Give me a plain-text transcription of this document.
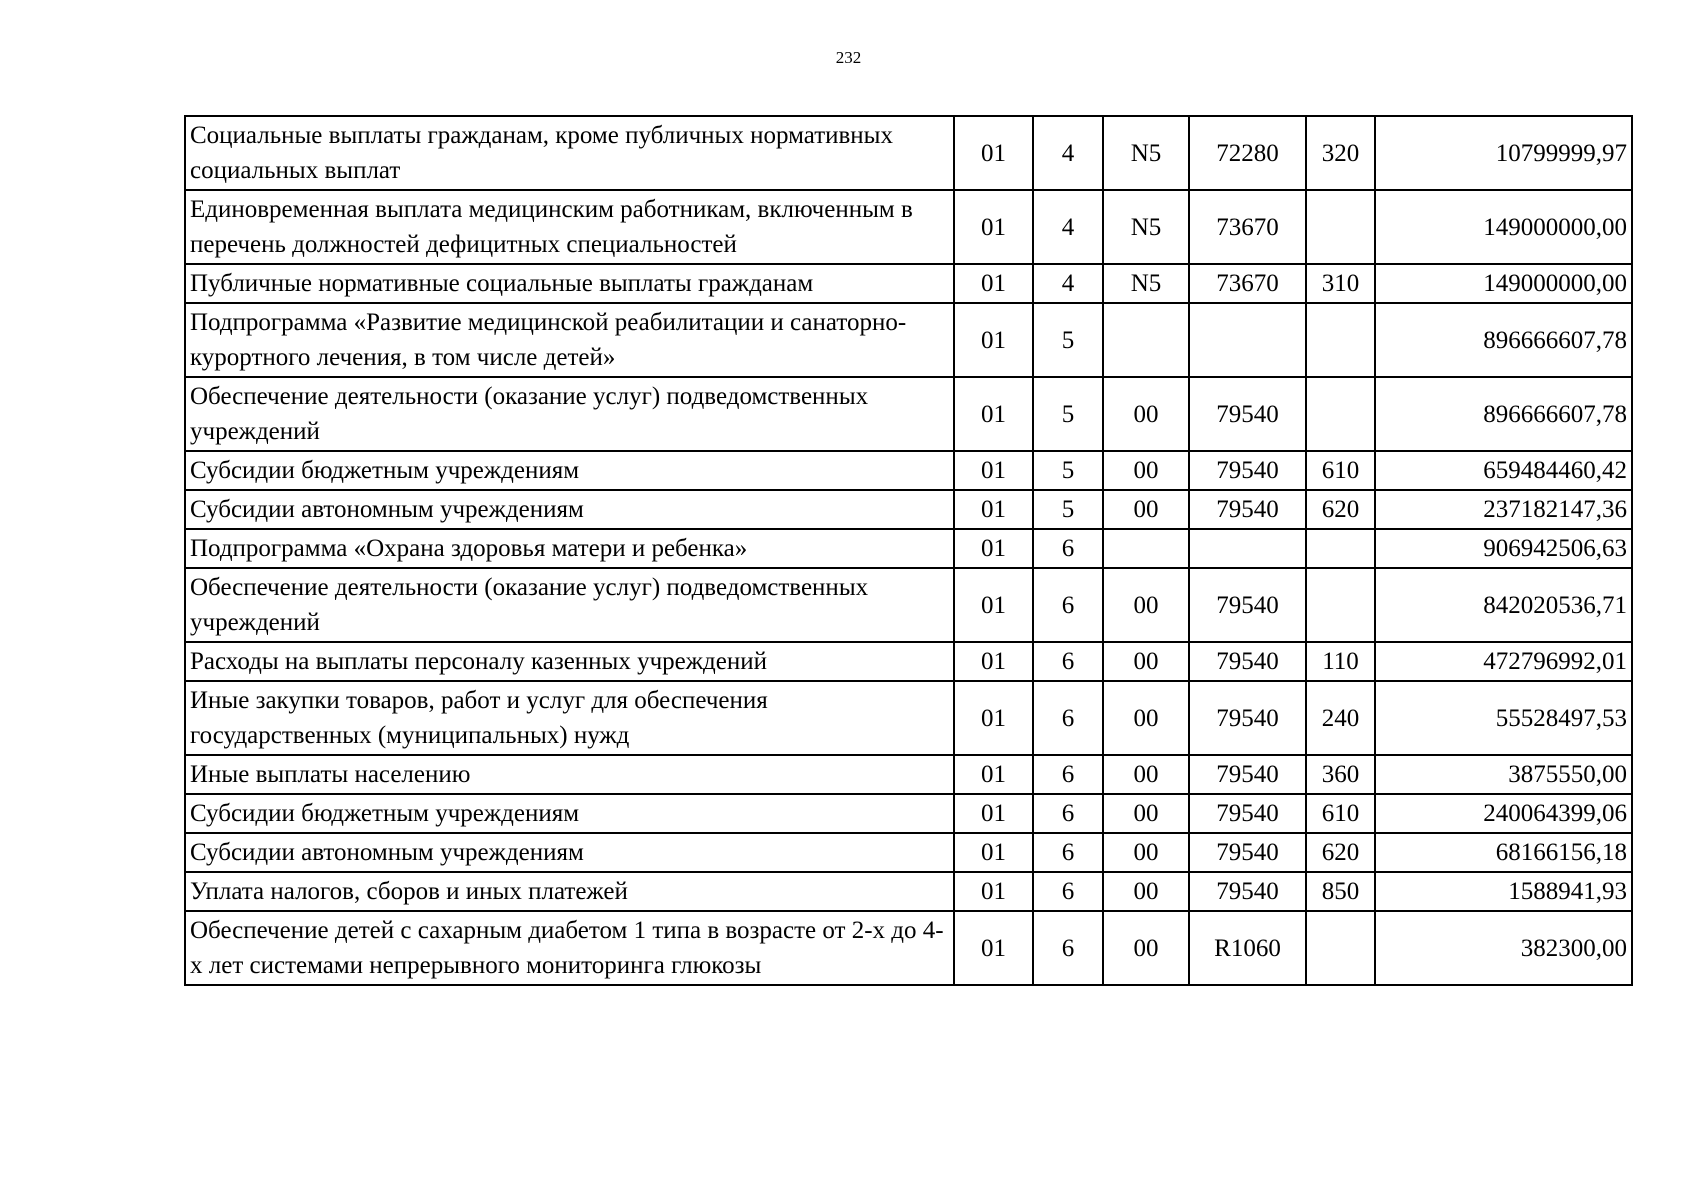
232
Социальные выплаты гражданам, кроме публичных нормативных социальных выплат	01	4	N5	72280	320	10799999,97
Единовременная выплата медицинским работникам, включенным в перечень должностей дефицитных специальностей	01	4	N5	73670		149000000,00
Публичные нормативные социальные выплаты гражданам	01	4	N5	73670	310	149000000,00
Подпрограмма «Развитие медицинской реабилитации и санаторно-курортного лечения, в том числе детей»	01	5				896666607,78
Обеспечение деятельности (оказание услуг) подведомственных учреждений	01	5	00	79540		896666607,78
Субсидии бюджетным учреждениям	01	5	00	79540	610	659484460,42
Субсидии автономным учреждениям	01	5	00	79540	620	237182147,36
Подпрограмма «Охрана здоровья матери и ребенка»	01	6				906942506,63
Обеспечение деятельности (оказание услуг) подведомственных учреждений	01	6	00	79540		842020536,71
Расходы на выплаты персоналу казенных учреждений	01	6	00	79540	110	472796992,01
Иные закупки товаров, работ и услуг для обеспечения государственных (муниципальных) нужд	01	6	00	79540	240	55528497,53
Иные выплаты населению	01	6	00	79540	360	3875550,00
Субсидии бюджетным учреждениям	01	6	00	79540	610	240064399,06
Субсидии автономным учреждениям	01	6	00	79540	620	68166156,18
Уплата налогов, сборов и иных платежей	01	6	00	79540	850	1588941,93
Обеспечение детей с сахарным диабетом 1 типа в возрасте от 2-х до 4-х лет системами непрерывного мониторинга глюкозы	01	6	00	R1060		382300,00
